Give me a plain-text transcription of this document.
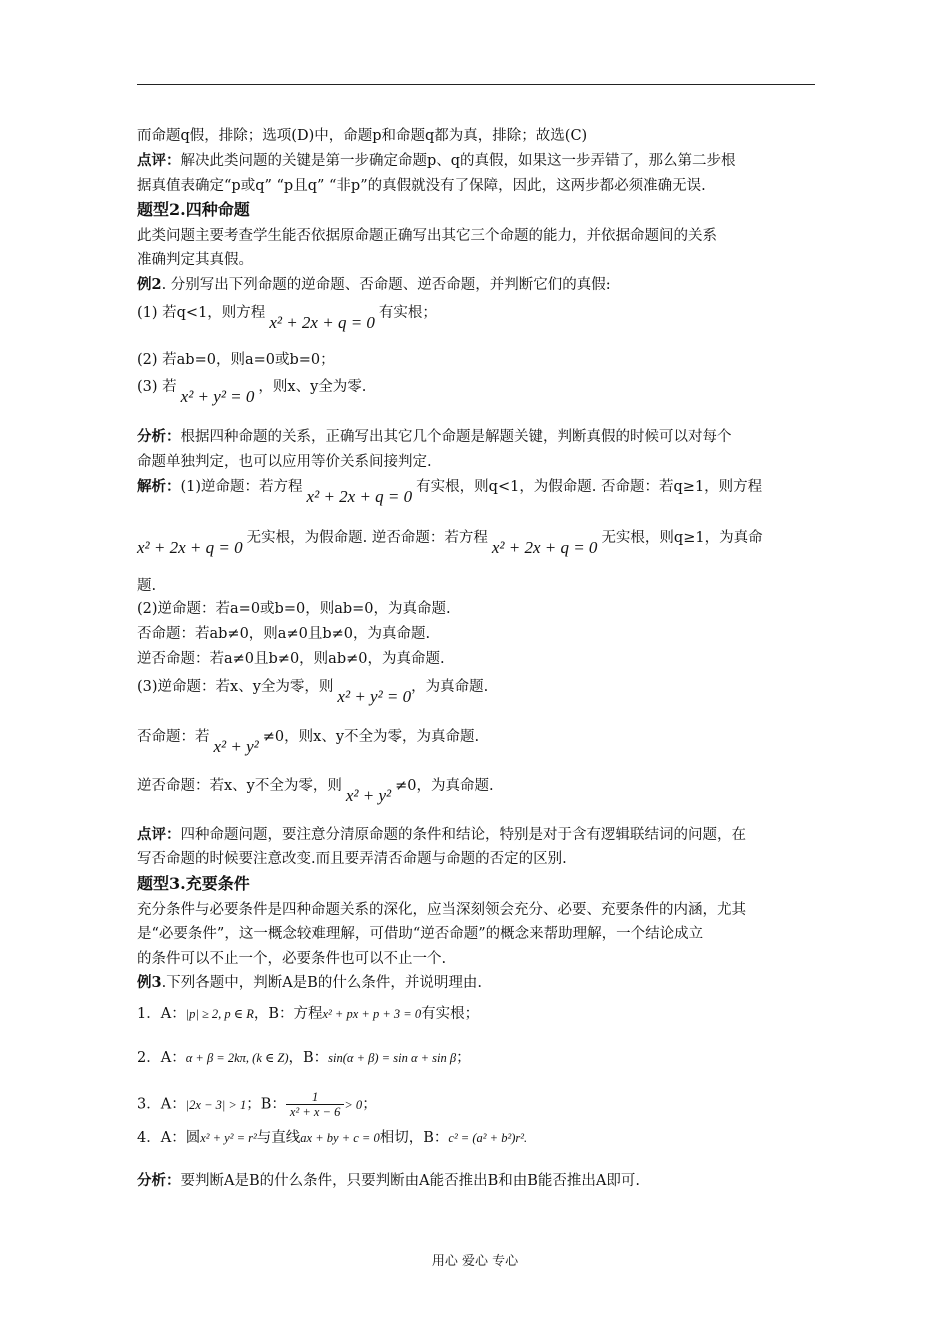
而命题q假，排除；选项(D)中，命题p和命题q都为真，排除；故选(C)
点评：解决此类问题的关键是第一步确定命题p、q的真假，如果这一步弄错了，那么第二步根
据真值表确定“p或q” “p且q” “非p”的真假就没有了保障，因此，这两步都必须准确无误.
题型2.四种命题
此类问题主要考查学生能否依据原命题正确写出其它三个命题的能力，并依据命题间的关系
准确判定其真假。
例2. 分别写出下列命题的逆命题、否命题、逆否命题，并判断它们的真假:
(1) 若q<1，则方程 x² + 2x + q = 0 有实根；
(2) 若ab=0，则a=0或b=0；
(3) 若 x² + y² = 0 ，则x、y全为零.
分析：根据四种命题的关系，正确写出其它几个命题是解题关键，判断真假的时候可以对每个
命题单独判定，也可以应用等价关系间接判定.
解析：(1)逆命题：若方程 x² + 2x + q = 0 有实根，则q<1，为假命题. 否命题：若q≥1，则方程
x² + 2x + q = 0 无实根，为假命题. 逆否命题：若方程 x² + 2x + q = 0 无实根，则q≥1，为真命
题.
(2)逆命题：若a=0或b=0，则ab=0，为真命题.
否命题：若ab≠0，则a≠0且b≠0，为真命题.
逆否命题：若a≠0且b≠0，则ab≠0，为真命题.
(3)逆命题：若x、y全为零，则 x² + y² = 0，为真命题.
否命题：若 x² + y² ≠0，则x、y不全为零，为真命题.
逆否命题：若x、y不全为零，则 x² + y² ≠0，为真命题.
点评：四种命题问题，要注意分清原命题的条件和结论，特别是对于含有逻辑联结词的问题，在
写否命题的时候要注意改变.而且要弄清否命题与命题的否定的区别.
题型3.充要条件
充分条件与必要条件是四种命题关系的深化，应当深刻领会充分、必要、充要条件的内涵，尤其
是“必要条件”，这一概念较难理解，可借助“逆否命题”的概念来帮助理解，一个结论成立
的条件可以不止一个，必要条件也可以不止一个.
例3.下列各题中，判断A是B的什么条件，并说明理由.
1．A：|p| ≥ 2, p ∈ R，B：方程x² + px + p + 3 = 0有实根；
2．A：α + β = 2kπ, (k ∈ Z)，B：sin(α + β) = sin α + sin β；
3．A：|2x − 3| > 1；B： $\frac{1}{\text{x² + x − 6}} > 0$；
4．A：圆x² + y² = r²与直线ax + by + c = 0相切，B：c² = (a² + b²)r².
分析：要判断A是B的什么条件，只要判断由A能否推出B和由B能否推出A即可.
用心 爱心 专心
